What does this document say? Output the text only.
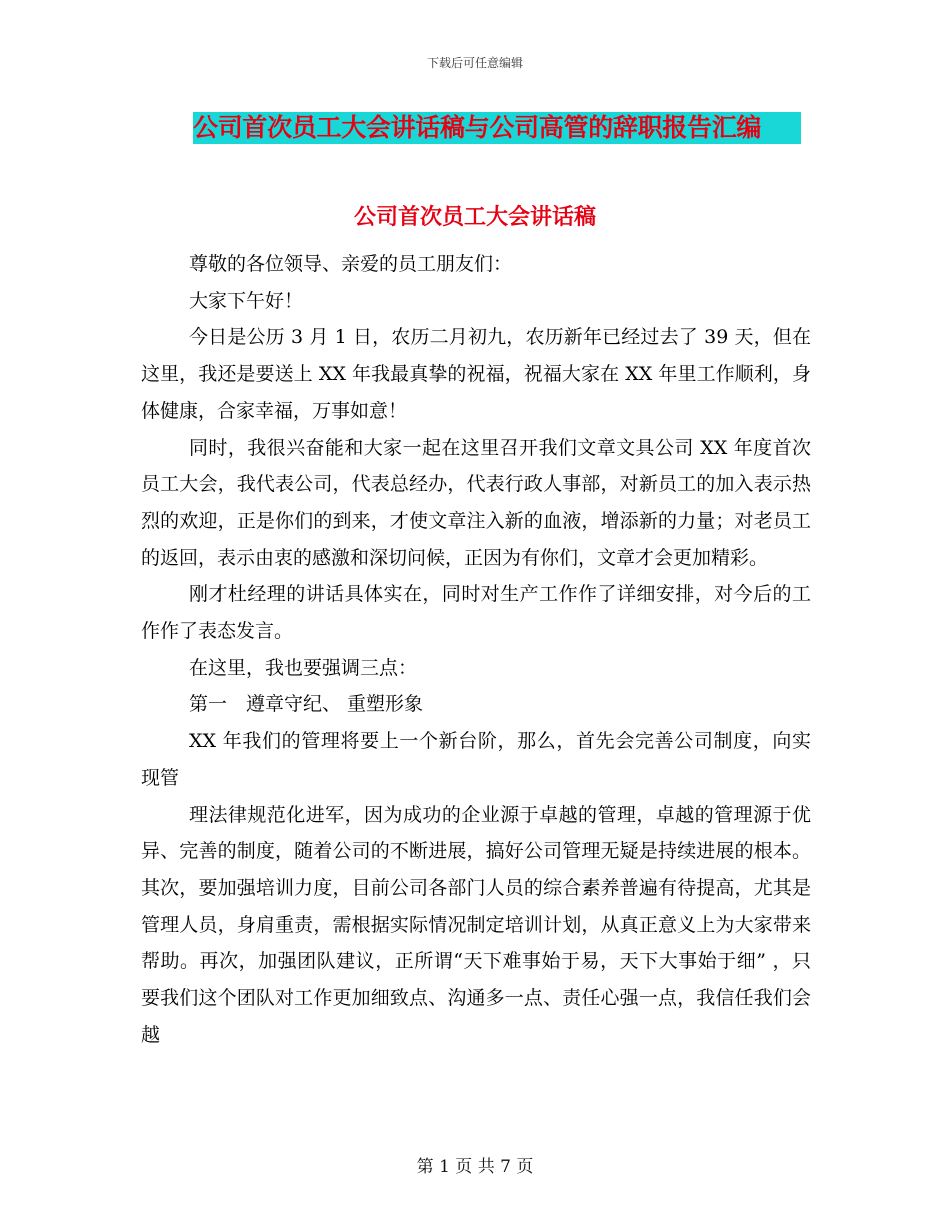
下载后可任意编辑
公司首次员工大会讲话稿与公司高管的辞职报告汇编
公司首次员工大会讲话稿

尊敬的各位领导、亲爱的员工朋友们：

大家下午好！

今日是公历 3 月 1 日，农历二月初九，农历新年已经过去了 39 天，但在这里，我还是要送上 XX 年我最真挚的祝福，祝福大家在 XX 年里工作顺利，身体健康，合家幸福，万事如意！

同时，我很兴奋能和大家一起在这里召开我们文章文具公司 XX 年度首次员工大会，我代表公司，代表总经办，代表行政人事部，对新员工的加入表示热烈的欢迎，正是你们的到来，才使文章注入新的血液，增添新的力量；对老员工的返回，表示由衷的感激和深切问候，正因为有你们，文章才会更加精彩。

刚才杜经理的讲话具体实在，同时对生产工作作了详细安排，对今后的工作作了表态发言。

在这里，我也要强调三点：

第一　遵章守纪、 重塑形象

XX 年我们的管理将要上一个新台阶，那么，首先会完善公司制度，向实现管

理法律规范化进军，因为成功的企业源于卓越的管理，卓越的管理源于优异、完善的制度，随着公司的不断进展，搞好公司管理无疑是持续进展的根本。其次，要加强培训力度，目前公司各部门人员的综合素养普遍有待提高，尤其是管理人员，身肩重责，需根据实际情况制定培训计划，从真正意义上为大家带来帮助。再次，加强团队建议，正所谓“天下难事始于易，天下大事始于细” ，只要我们这个团队对工作更加细致点、沟通多一点、责任心强一点，我信任我们会越

第 1 页 共 7 页
